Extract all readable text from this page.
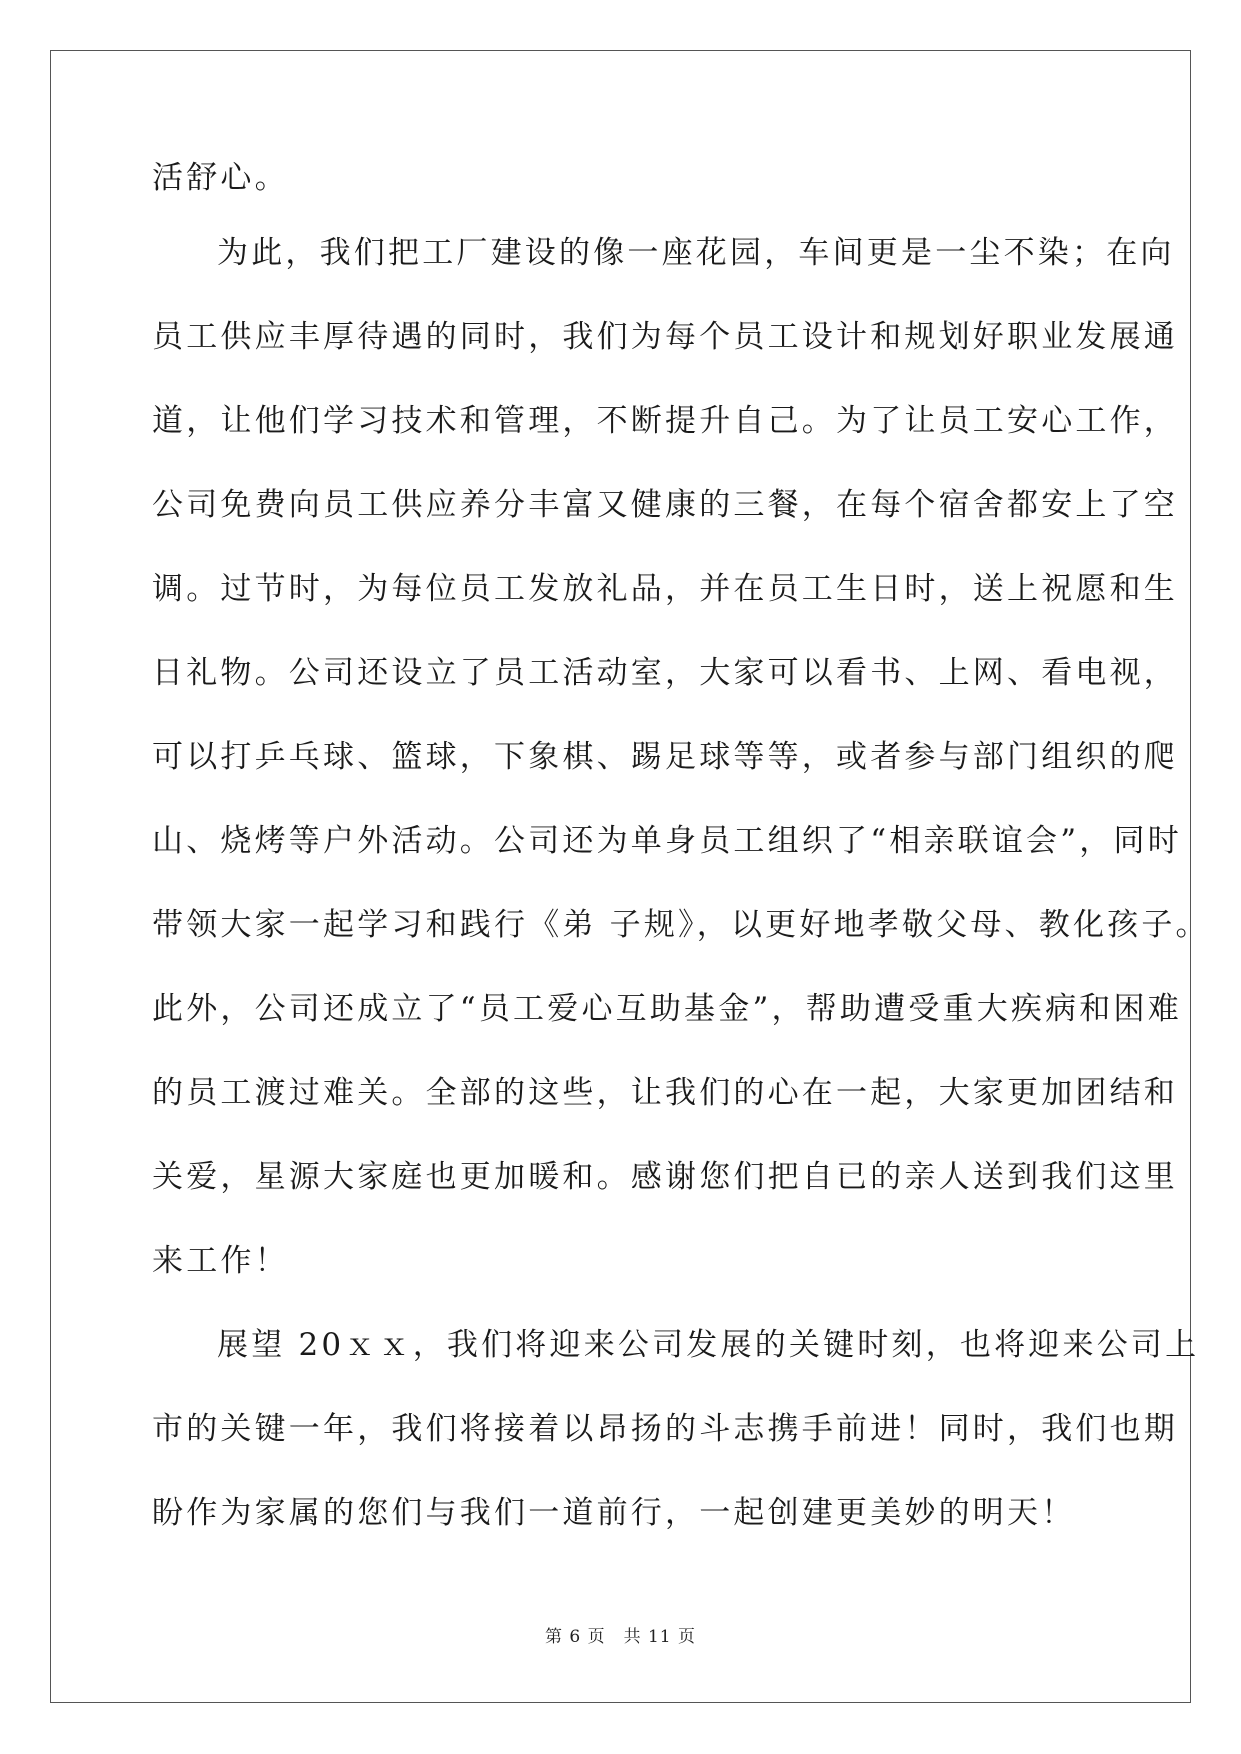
活舒心。

为此，我们把工厂建设的像一座花园，车间更是一尘不染；在向

员工供应丰厚待遇的同时，我们为每个员工设计和规划好职业发展通

道，让他们学习技术和管理，不断提升自己。为了让员工安心工作，

公司免费向员工供应养分丰富又健康的三餐，在每个宿舍都安上了空

调。过节时，为每位员工发放礼品，并在员工生日时，送上祝愿和生

日礼物。公司还设立了员工活动室，大家可以看书、上网、看电视，

可以打乒乓球、篮球，下象棋、踢足球等等，或者参与部门组织的爬

山、烧烤等户外活动。公司还为单身员工组织了“相亲联谊会”，同时

带领大家一起学习和践行《弟 子规》，以更好地孝敬父母、教化孩子。

此外，公司还成立了“员工爱心互助基金”，帮助遭受重大疾病和困难

的员工渡过难关。全部的这些，让我们的心在一起，大家更加团结和

关爱，星源大家庭也更加暖和。感谢您们把自已的亲人送到我们这里

来工作！

展望 20ｘｘ，我们将迎来公司发展的关键时刻，也将迎来公司上

市的关键一年，我们将接着以昂扬的斗志携手前进！同时，我们也期

盼作为家属的您们与我们一道前行，一起创建更美妙的明天！

第 6 页　共 11 页
